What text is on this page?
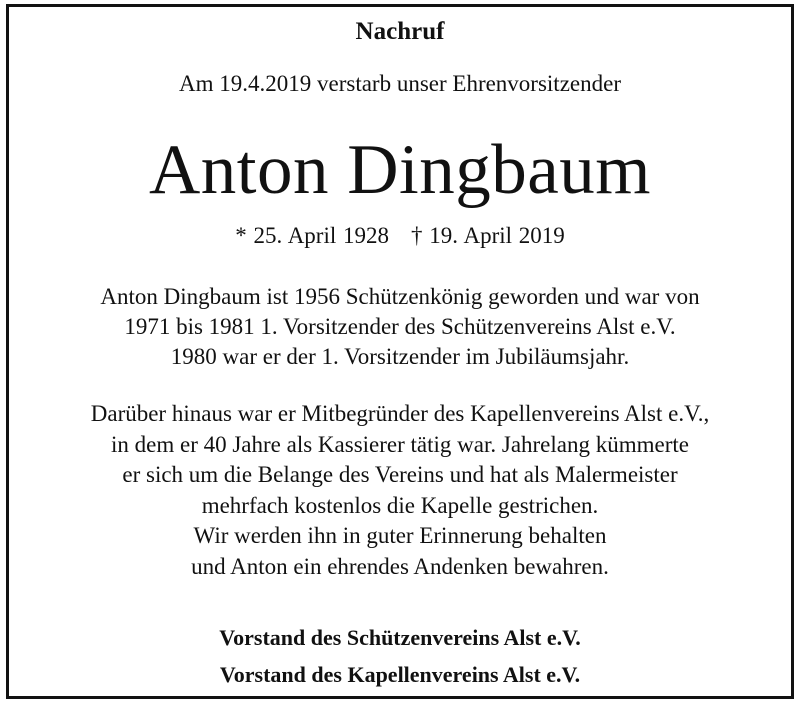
Nachruf
Am 19.4.2019 verstarb unser Ehrenvorsitzender
Anton Dingbaum
* 25. April 1928 † 19. April 2019
Anton Dingbaum ist 1956 Schützenkönig geworden und war von
1971 bis 1981 1. Vorsitzender des Schützenvereins Alst e.V.
1980 war er der 1. Vorsitzender im Jubiläumsjahr.
Darüber hinaus war er Mitbegründer des Kapellenvereins Alst e.V.,
in dem er 40 Jahre als Kassierer tätig war. Jahrelang kümmerte
er sich um die Belange des Vereins und hat als Malermeister
mehrfach kostenlos die Kapelle gestrichen.
Wir werden ihn in guter Erinnerung behalten
und Anton ein ehrendes Andenken bewahren.
Vorstand des Schützenvereins Alst e.V.
Vorstand des Kapellenvereins Alst e.V.
